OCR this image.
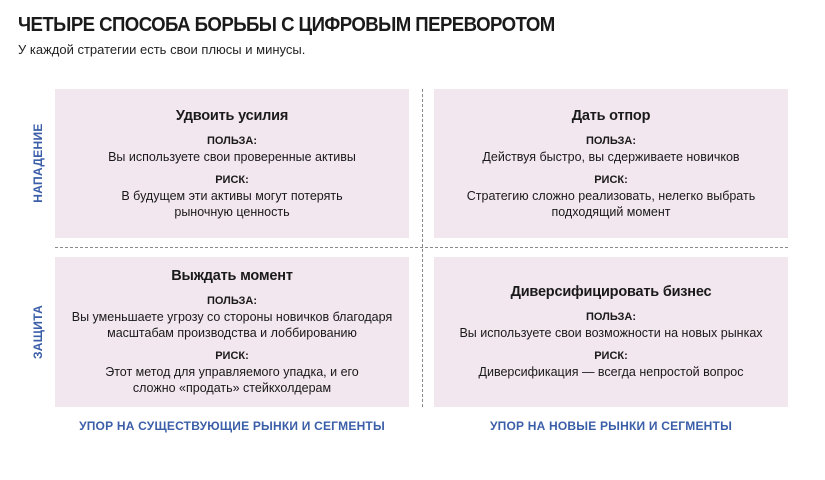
ЧЕТЫРЕ СПОСОБА БОРЬБЫ С ЦИФРОВЫМ ПЕРЕВОРОТОМ
У каждой стратегии есть свои плюсы и минусы.
НАПАДЕНИЕ
ЗАЩИТА
Удвоить усилия

ПОЛЬЗА:

Вы используете свои проверенные активы

РИСК:

В будущем эти активы могут потерять рыночную ценность

Дать отпор

ПОЛЬЗА:

Действуя быстро, вы сдерживаете новичков

РИСК:

Стратегию сложно реализовать, нелегко выбрать подходящий момент

Выждать момент

ПОЛЬЗА:

Вы уменьшаете угрозу со стороны новичков благодаря масштабам производства и лоббированию

РИСК:

Этот метод для управляемого упадка, и его сложно «продать» стейкхолдерам

Диверсифицировать бизнес

ПОЛЬЗА:

Вы используете свои возможности на новых рынках

РИСК:

Диверсификация — всегда непростой вопрос

УПОР НА СУЩЕСТВУЮЩИЕ РЫНКИ И СЕГМЕНТЫ	УПОР НА НОВЫЕ РЫНКИ И СЕГМЕНТЫ
